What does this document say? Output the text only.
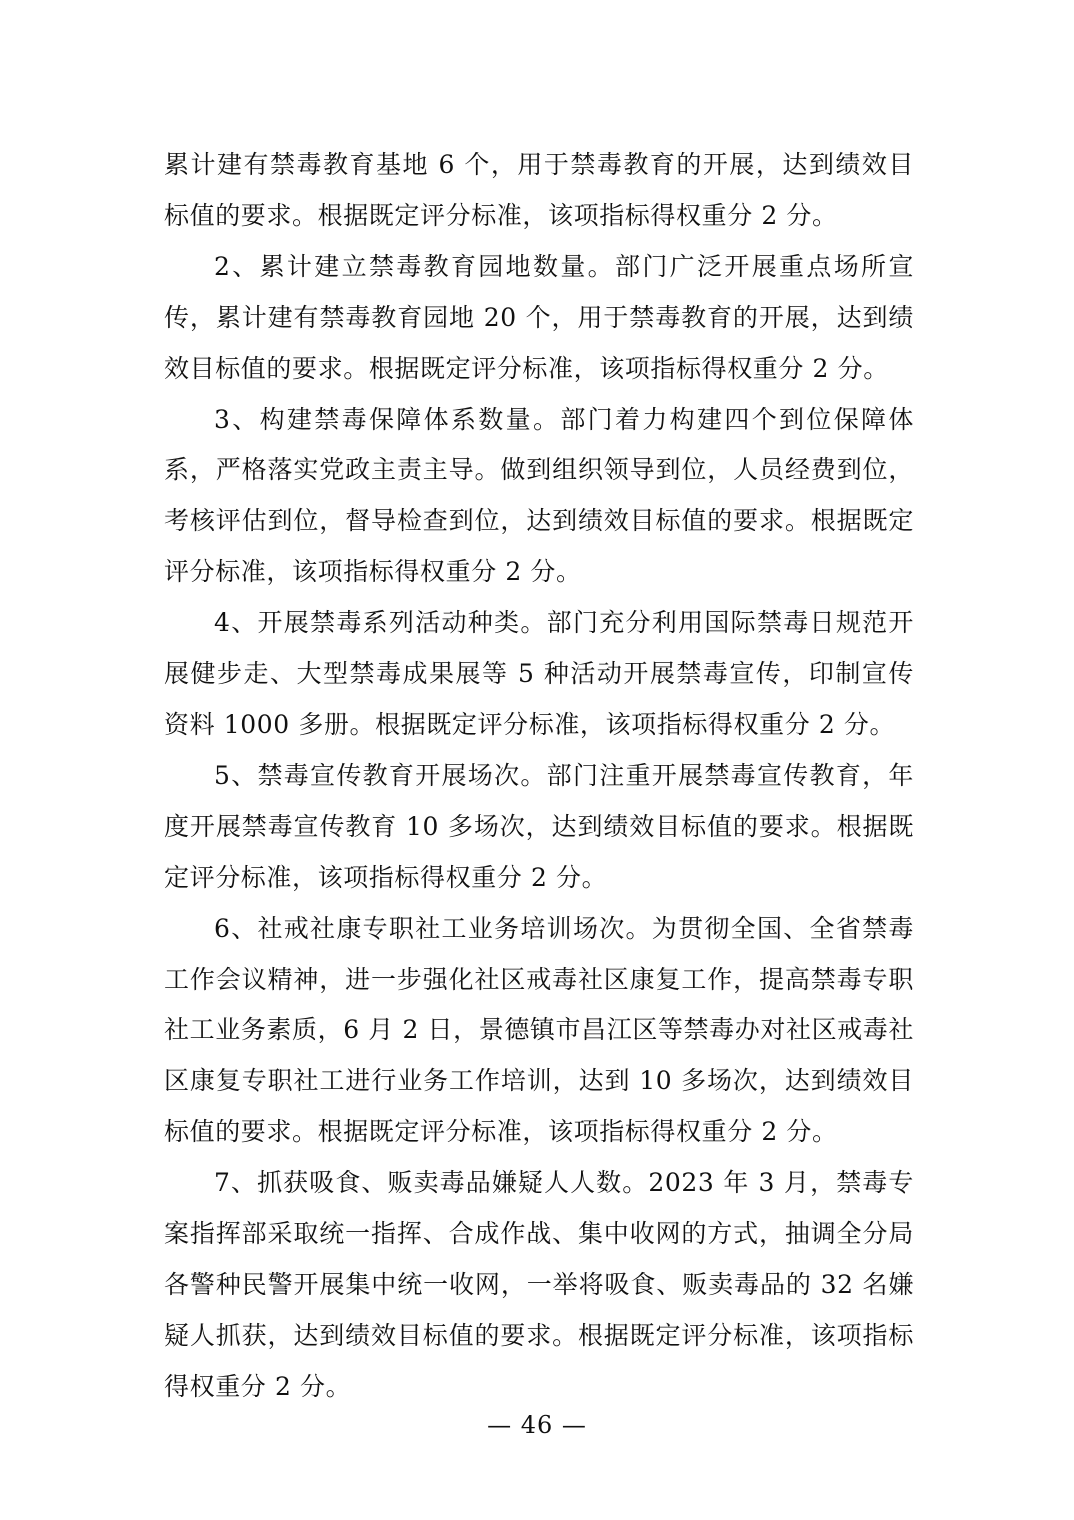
累计建有禁毒教育基地 6 个，用于禁毒教育的开展，达到绩效目标值的要求。根据既定评分标准，该项指标得权重分 2 分。

2、累计建立禁毒教育园地数量。部门广泛开展重点场所宣传，累计建有禁毒教育园地 20 个，用于禁毒教育的开展，达到绩效目标值的要求。根据既定评分标准，该项指标得权重分 2 分。

3、构建禁毒保障体系数量。部门着力构建四个到位保障体系，严格落实党政主责主导。做到组织领导到位，人员经费到位，考核评估到位，督导检查到位，达到绩效目标值的要求。根据既定评分标准，该项指标得权重分 2 分。

4、开展禁毒系列活动种类。部门充分利用国际禁毒日规范开展健步走、大型禁毒成果展等 5 种活动开展禁毒宣传，印制宣传资料 1000 多册。根据既定评分标准，该项指标得权重分 2 分。

5、禁毒宣传教育开展场次。部门注重开展禁毒宣传教育，年度开展禁毒宣传教育 10 多场次，达到绩效目标值的要求。根据既定评分标准，该项指标得权重分 2 分。

6、社戒社康专职社工业务培训场次。为贯彻全国、全省禁毒工作会议精神，进一步强化社区戒毒社区康复工作，提高禁毒专职社工业务素质，6 月 2 日，景德镇市昌江区等禁毒办对社区戒毒社区康复专职社工进行业务工作培训，达到 10 多场次，达到绩效目标值的要求。根据既定评分标准，该项指标得权重分 2 分。

7、抓获吸食、贩卖毒品嫌疑人人数。2023 年 3 月，禁毒专案指挥部采取统一指挥、合成作战、集中收网的方式，抽调全分局各警种民警开展集中统一收网，一举将吸食、贩卖毒品的 32 名嫌疑人抓获，达到绩效目标值的要求。根据既定评分标准，该项指标得权重分 2 分。

— 46 —
